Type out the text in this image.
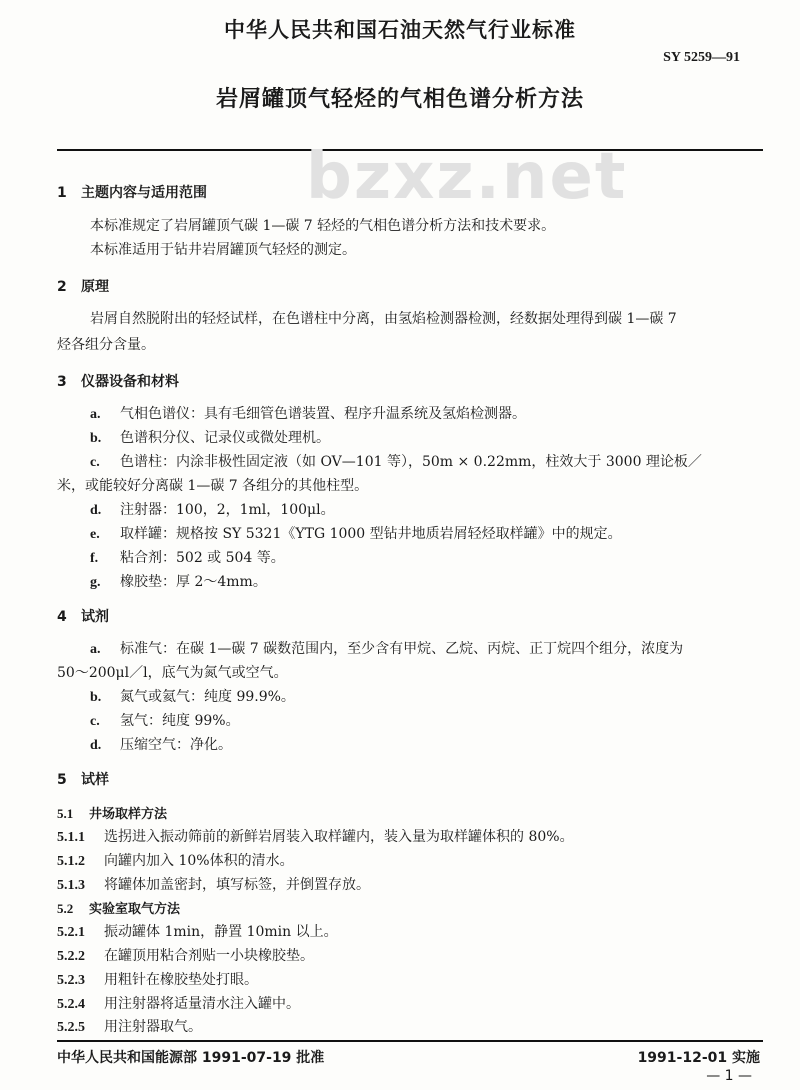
中华人民共和国石油天然气行业标准
SY 5259—91
岩屑罐顶气轻烃的气相色谱分析方法
bzxz.net
1 主题内容与适用范围
本标准规定了岩屑罐顶气碳 1—碳 7 轻烃的气相色谱分析方法和技术要求。
本标准适用于钻井岩屑罐顶气轻烃的测定。
2 原理
岩屑自然脱附出的轻烃试样，在色谱柱中分离，由氢焰检测器检测，经数据处理得到碳 1—碳 7
烃各组分含量。
3 仪器设备和材料
a. 气相色谱仪：具有毛细管色谱装置、程序升温系统及氢焰检测器。
b. 色谱积分仪、记录仪或微处理机。
c. 色谱柱：内涂非极性固定液（如 OV—101 等），50m × 0.22mm，柱效大于 3000 理论板／
米，或能较好分离碳 1—碳 7 各组分的其他柱型。
d. 注射器：100，2，1ml，100μl。
e. 取样罐：规格按 SY 5321《YTG 1000 型钻井地质岩屑轻烃取样罐》中的规定。
f. 粘合剂：502 或 504 等。
g. 橡胶垫：厚 2～4mm。
4 试剂
a. 标准气：在碳 1—碳 7 碳数范围内，至少含有甲烷、乙烷、丙烷、正丁烷四个组分，浓度为
50～200μl／l，底气为氮气或空气。
b. 氮气或氦气：纯度 99.9%。
c. 氢气：纯度 99%。
d. 压缩空气：净化。
5 试样
5.1 井场取样方法
5.1.1 选拐进入振动筛前的新鲜岩屑装入取样罐内，装入量为取样罐体积的 80%。
5.1.2 向罐内加入 10%体积的清水。
5.1.3 将罐体加盖密封，填写标签，并倒置存放。
5.2 实验室取气方法
5.2.1 振动罐体 1min，静置 10min 以上。
5.2.2 在罐顶用粘合剂贴一小块橡胶垫。
5.2.3 用粗针在橡胶垫处打眼。
5.2.4 用注射器将适量清水注入罐中。
5.2.5 用注射器取气。
中华人民共和国能源部 1991-07-19 批准	1991-12-01 实施
— 1 —
